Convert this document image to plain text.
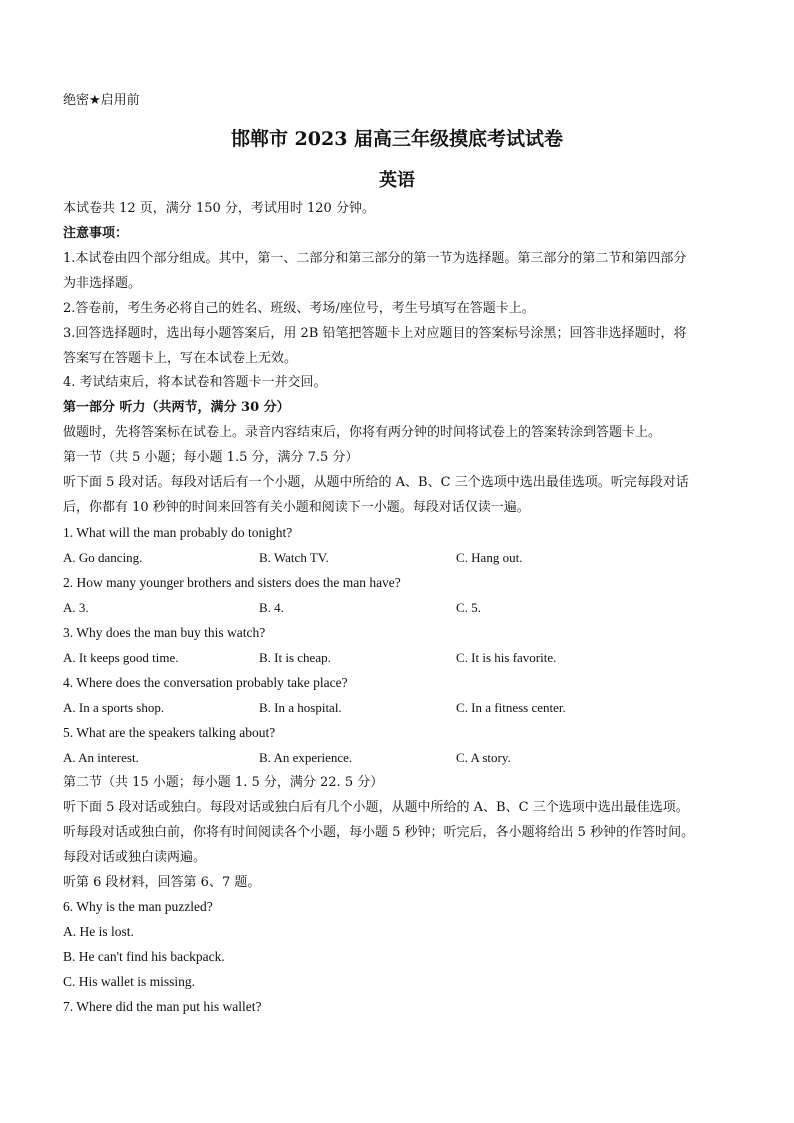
绝密★启用前
邯郸市 2023 届高三年级摸底考试试卷
英语
本试卷共 12 页，满分 150 分，考试用时 120 分钟。
注意事项：
1.本试卷由四个部分组成。其中，第一、二部分和第三部分的第一节为选择题。第三部分的第二节和第四部分
为非选择题。
2.答卷前，考生务必将自己的姓名、班级、考场/座位号，考生号填写在答题卡上。
3.回答选择题时，选出每小题答案后，用 2B 铅笔把答题卡上对应题目的答案标号涂黑；回答非选择题时，将
答案写在答题卡上，写在本试卷上无效。
4. 考试结束后，将本试卷和答题卡一并交回。
第一部分 听力（共两节，满分 30 分）
做题时，先将答案标在试卷上。录音内容结束后，你将有两分钟的时间将试卷上的答案转涂到答题卡上。
第一节（共 5 小题；每小题 1.5 分，满分 7.5 分）
听下面 5 段对话。每段对话后有一个小题，从题中所给的 A、B、C 三个选项中选出最佳选项。听完每段对话
后，你都有 10 秒钟的时间来回答有关小题和阅读下一小题。每段对话仅读一遍。
1. What will the man probably do tonight?
A. Go dancing.	B. Watch TV.	C. Hang out.
2. How many younger brothers and sisters does the man have?
A. 3.	B. 4.	C. 5.
3. Why does the man buy this watch?
A. It keeps good time.	B. It is cheap.	C. It is his favorite.
4. Where does the conversation probably take place?
A. In a sports shop.	B. In a hospital.	C. In a fitness center.
5. What are the speakers talking about?
A. An interest.	B. An experience.	C. A story.
第二节（共 15 小题；每小题 1. 5 分，满分 22. 5 分）
听下面 5 段对话或独白。每段对话或独白后有几个小题，从题中所给的 A、B、C 三个选项中选出最佳选项。
听每段对话或独白前，你将有时间阅读各个小题，每小题 5 秒钟；听完后，各小题将给出 5 秒钟的作答时间。
每段对话或独白读两遍。
听第 6 段材料，回答第 6、7 题。
6. Why is the man puzzled?
A. He is lost.
B. He can't find his backpack.
C. His wallet is missing.
7. Where did the man put his wallet?
